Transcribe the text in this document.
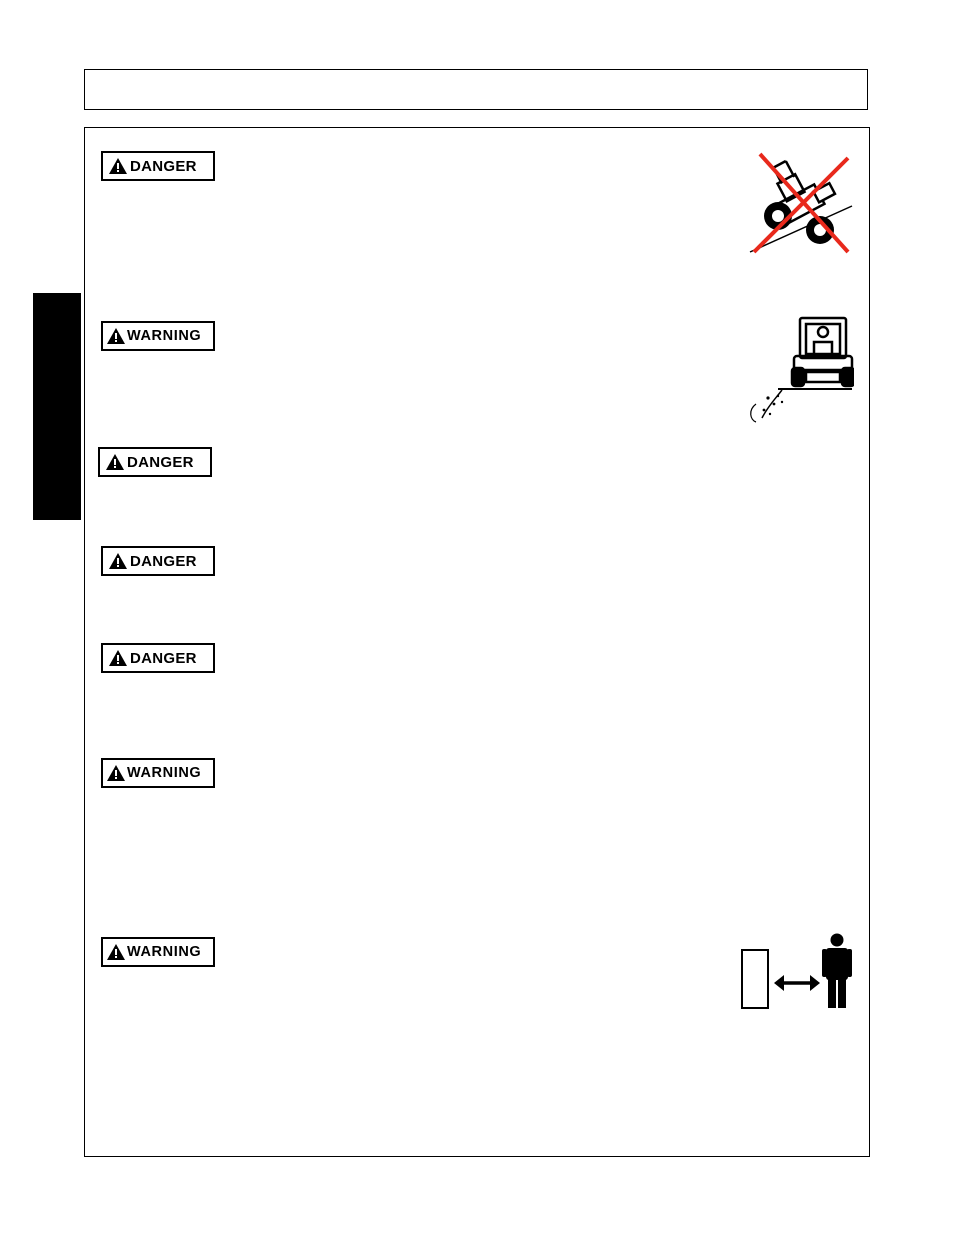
DANGER
WARNING
DANGER
DANGER
DANGER
WARNING
WARNING
